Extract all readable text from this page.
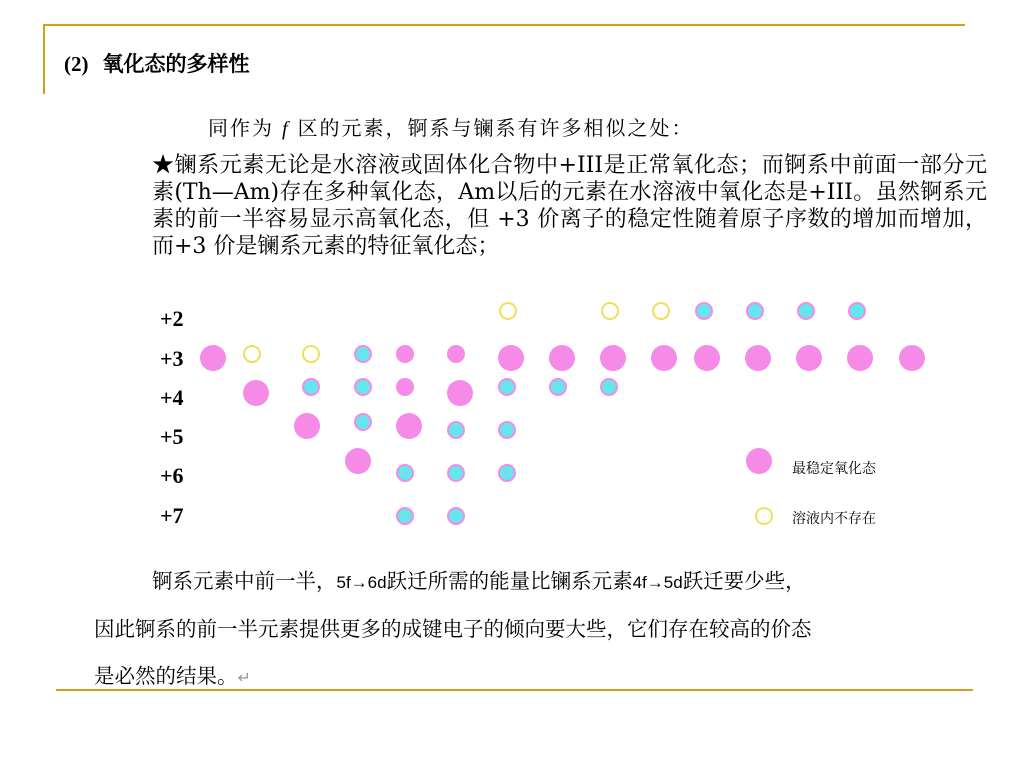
(2) 氧化态的多样性
同作为 f 区的元素，锕系与镧系有许多相似之处：
★镧系元素无论是水溶液或固体化合物中+III是正常氧化态；而锕系中前面一部分元素(Th—Am)存在多种氧化态，Am以后的元素在水溶液中氧化态是+III。虽然锕系元素的前一半容易显示高氧化态，但 +3 价离子的稳定性随着原子序数的增加而增加，而+3 价是镧系元素的特征氧化态；
+2
+3
+4
+5
+6
+7
最稳定氧化态
溶液内不存在
锕系元素中前一半，5f→6d跃迁所需的能量比镧系元素4f→5d跃迁要少些，
因此锕系的前一半元素提供更多的成键电子的倾向要大些，它们存在较高的价态
是必然的结果。↵
